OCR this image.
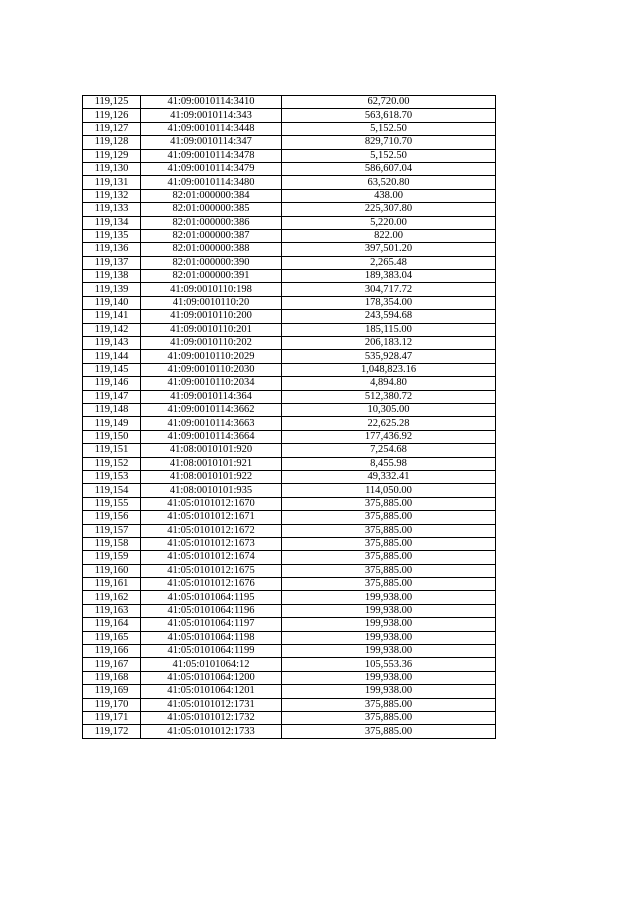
119,125	41:09:0010114:3410	62,720.00
119,126	41:09:0010114:343	563,618.70
119,127	41:09:0010114:3448	5,152.50
119,128	41:09:0010114:347	829,710.70
119,129	41:09:0010114:3478	5,152.50
119,130	41:09:0010114:3479	586,607.04
119,131	41:09:0010114:3480	63,520.80
119,132	82:01:000000:384	438.00
119,133	82:01:000000:385	225,307.80
119,134	82:01:000000:386	5,220.00
119,135	82:01:000000:387	822.00
119,136	82:01:000000:388	397,501.20
119,137	82:01:000000:390	2,265.48
119,138	82:01:000000:391	189,383.04
119,139	41:09:0010110:198	304,717.72
119,140	41:09:0010110:20	178,354.00
119,141	41:09:0010110:200	243,594.68
119,142	41:09:0010110:201	185,115.00
119,143	41:09:0010110:202	206,183.12
119,144	41:09:0010110:2029	535,928.47
119,145	41:09:0010110:2030	1,048,823.16
119,146	41:09:0010110:2034	4,894.80
119,147	41:09:0010114:364	512,380.72
119,148	41:09:0010114:3662	10,305.00
119,149	41:09:0010114:3663	22,625.28
119,150	41:09:0010114:3664	177,436.92
119,151	41:08:0010101:920	7,254.68
119,152	41:08:0010101:921	8,455.98
119,153	41:08:0010101:922	49,332.41
119,154	41:08:0010101:935	114,050.00
119,155	41:05:0101012:1670	375,885.00
119,156	41:05:0101012:1671	375,885.00
119,157	41:05:0101012:1672	375,885.00
119,158	41:05:0101012:1673	375,885.00
119,159	41:05:0101012:1674	375,885.00
119,160	41:05:0101012:1675	375,885.00
119,161	41:05:0101012:1676	375,885.00
119,162	41:05:0101064:1195	199,938.00
119,163	41:05:0101064:1196	199,938.00
119,164	41:05:0101064:1197	199,938.00
119,165	41:05:0101064:1198	199,938.00
119,166	41:05:0101064:1199	199,938.00
119,167	41:05:0101064:12	105,553.36
119,168	41:05:0101064:1200	199,938.00
119,169	41:05:0101064:1201	199,938.00
119,170	41:05:0101012:1731	375,885.00
119,171	41:05:0101012:1732	375,885.00
119,172	41:05:0101012:1733	375,885.00
